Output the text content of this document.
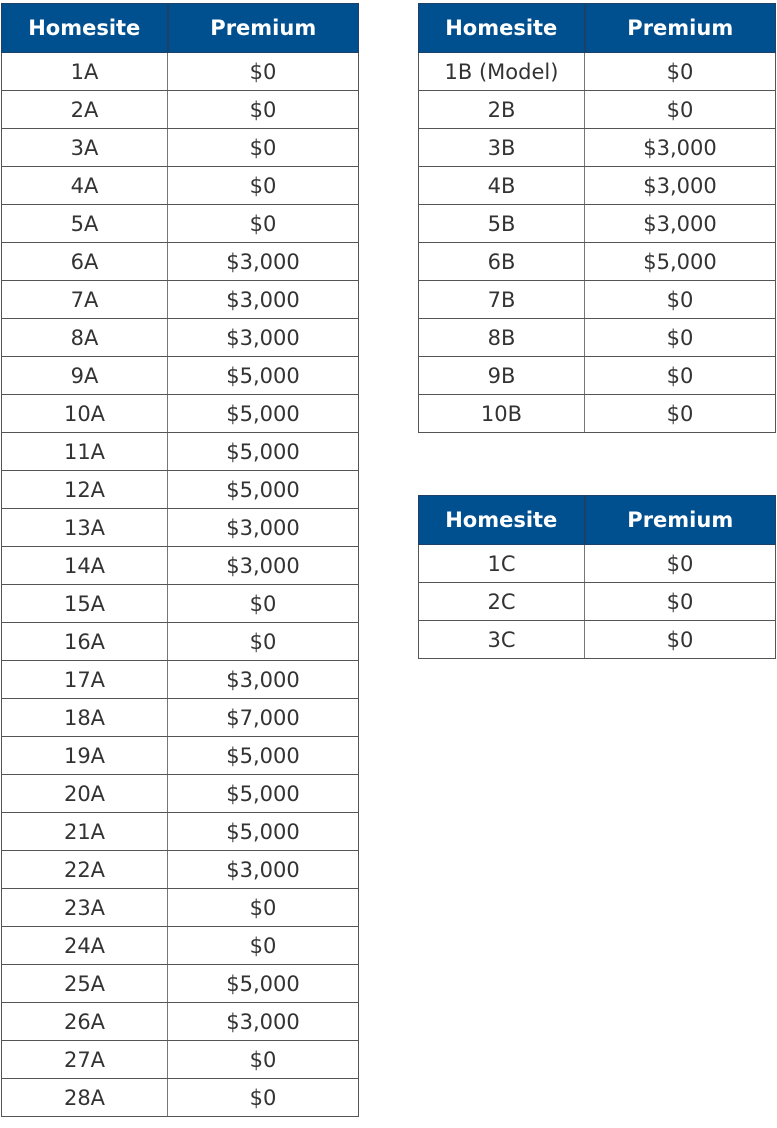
Homesite	Premium
1A	$0
2A	$0
3A	$0
4A	$0
5A	$0
6A	$3,000
7A	$3,000
8A	$3,000
9A	$5,000
10A	$5,000
11A	$5,000
12A	$5,000
13A	$3,000
14A	$3,000
15A	$0
16A	$0
17A	$3,000
18A	$7,000
19A	$5,000
20A	$5,000
21A	$5,000
22A	$3,000
23A	$0
24A	$0
25A	$5,000
26A	$3,000
27A	$0
28A	$0
Homesite	Premium
1B (Model)	$0
2B	$0
3B	$3,000
4B	$3,000
5B	$3,000
6B	$5,000
7B	$0
8B	$0
9B	$0
10B	$0
Homesite	Premium
1C	$0
2C	$0
3C	$0
